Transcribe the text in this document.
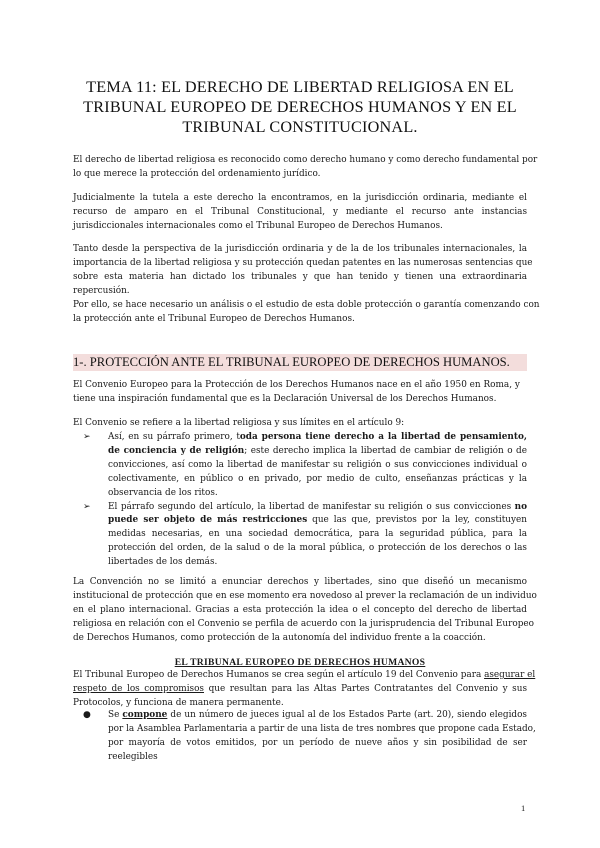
TEMA 11: EL DERECHO DE LIBERTAD RELIGIOSA EN EL
TRIBUNAL EUROPEO DE DERECHOS HUMANOS Y EN EL
TRIBUNAL CONSTITUCIONAL.
El derecho de libertad religiosa es reconocido como derecho humano y como derecho fundamental por
lo que merece la protección del ordenamiento jurídico.
Judicialmente la tutela a este derecho la encontramos, en la jurisdicción ordinaria, mediante el
recurso de amparo en el Tribunal Constitucional, y mediante el recurso ante instancias
jurisdiccionales internacionales como el Tribunal Europeo de Derechos Humanos.
Tanto desde la perspectiva de la jurisdicción ordinaria y de la de los tribunales internacionales, la
importancia de la libertad religiosa y su protección quedan patentes en las numerosas sentencias que
sobre esta materia han dictado los tribunales y que han tenido y tienen una extraordinaria
repercusión.
Por ello, se hace necesario un análisis o el estudio de esta doble protección o garantía comenzando con
la protección ante el Tribunal Europeo de Derechos Humanos.
1-. PROTECCIÓN ANTE EL TRIBUNAL EUROPEO DE DERECHOS HUMANOS.
El Convenio Europeo para la Protección de los Derechos Humanos nace en el año 1950 en Roma, y
tiene una inspiración fundamental que es la Declaración Universal de los Derechos Humanos.
El Convenio se refiere a la libertad religiosa y sus límites en el artículo 9:
➢ Así, en su párrafo primero, toda persona tiene derecho a la libertad de pensamiento,
de conciencia y de religión; este derecho implica la libertad de cambiar de religión o de
convicciones, así como la libertad de manifestar su religión o sus convicciones individual o
colectivamente, en público o en privado, por medio de culto, enseñanzas prácticas y la
observancia de los ritos.
➢ El párrafo segundo del artículo, la libertad de manifestar su religión o sus convicciones no
puede ser objeto de más restricciones que las que, previstos por la ley, constituyen
medidas necesarias, en una sociedad democrática, para la seguridad pública, para la
protección del orden, de la salud o de la moral pública, o protección de los derechos o las
libertades de los demás.
La Convención no se limitó a enunciar derechos y libertades, sino que diseñó un mecanismo
institucional de protección que en ese momento era novedoso al prever la reclamación de un individuo
en el plano internacional. Gracias a esta protección la idea o el concepto del derecho de libertad
religiosa en relación con el Convenio se perfila de acuerdo con la jurisprudencia del Tribunal Europeo
de Derechos Humanos, como protección de la autonomía del individuo frente a la coacción.
EL TRIBUNAL EUROPEO DE DERECHOS HUMANOS
El Tribunal Europeo de Derechos Humanos se crea según el artículo 19 del Convenio para asegurar el
respeto de los compromisos que resultan para las Altas Partes Contratantes del Convenio y sus
Protocolos, y funciona de manera permanente.
● Se compone de un número de jueces igual al de los Estados Parte (art. 20), siendo elegidos
por la Asamblea Parlamentaria a partir de una lista de tres nombres que propone cada Estado,
por mayoría de votos emitidos, por un período de nueve años y sin posibilidad de ser
reelegibles
1
